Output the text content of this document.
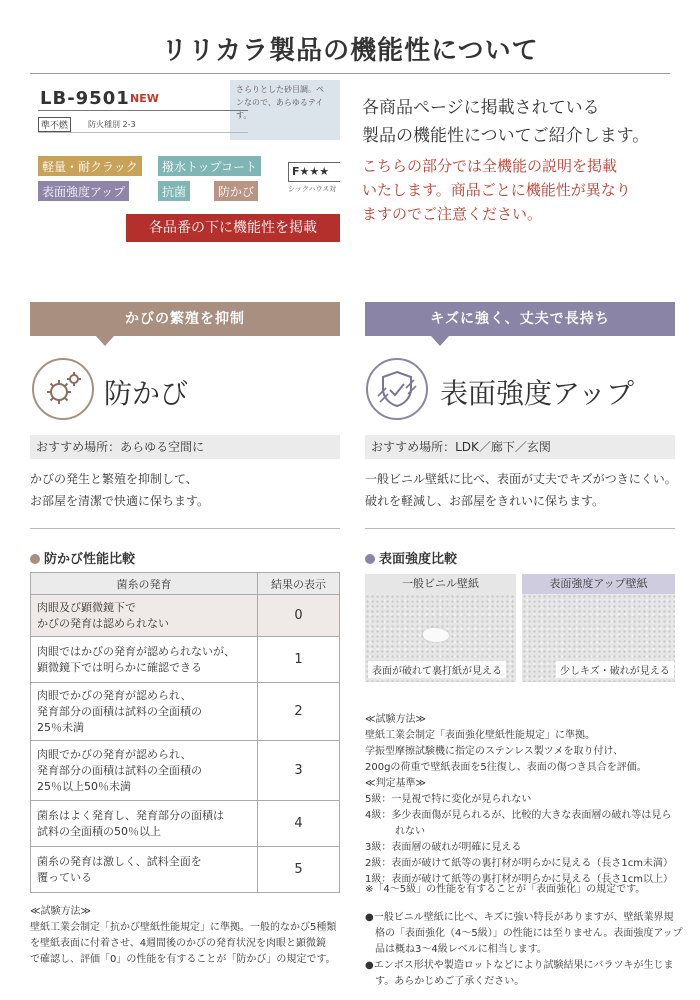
リリカラ製品の機能性について
さらりとした砂目調。ペ
ンなので、あらゆるテイ
す。
LB-9501 NEW
準不燃	防火種別 2-3
軽量・耐クラック	撥水トップコート
表面強度アップ	抗菌	防かび
F★★★
シックハウス対
各品番の下に機能性を掲載
各商品ページに掲載されている
製品の機能性についてご紹介します。
こちらの部分では全機能の説明を掲載
いたします。商品ごとに機能性が異なり
ますのでご注意ください。
かびの繁殖を抑制
防かび
おすすめ場所：あらゆる空間に
かびの発生と繁殖を抑制して、
お部屋を清潔で快適に保ちます。
防かび性能比較
菌糸の発育	結果の表示
肉眼及び顕微鏡下で
かびの発育は認められない	0
肉眼ではかびの発育が認められないが、
顕微鏡下では明らかに確認できる	1
肉眼でかびの発育が認められ、
発育部分の面積は試料の全面積の
25％未満	2
肉眼でかびの発育が認められ、
発育部分の面積は試料の全面積の
25％以上50％未満	3
菌糸はよく発育し、発育部分の面積は
試料の全面積の50％以上	4
菌糸の発育は激しく、試料全面を
覆っている	5
≪試験方法≫
壁紙工業会制定「抗かび壁紙性能規定」に準拠。一般的なかび5種類
を壁紙表面に付着させ、4週間後のかびの発育状況を肉眼と顕微鏡
で確認し、評価「0」の性能を有することが「防かび」の規定です。
キズに強く、丈夫で長持ち
表面強度アップ
おすすめ場所：LDK／廊下／玄関
一般ビニル壁紙に比べ、表面が丈夫でキズがつきにくい。
破れを軽減し、お部屋をきれいに保ちます。
表面強度比較
一般ビニル壁紙	表面強度アップ壁紙
表面が破れて裏打紙が見える	少しキズ・破れが見える
≪試験方法≫
壁紙工業会制定「表面強化壁紙性能規定」に準拠。
学振型摩擦試験機に指定のステンレス製ツメを取り付け、
200gの荷重で壁紙表面を5往復し、表面の傷つき具合を評価。
≪判定基準≫
5級：一見視で特に変化が見られない
4級：多少表面傷が見られるが、比較的大きな表面層の破れ等は見ら
　　　れない
3級：表面層の破れが明確に見える
2級：表面が破けて紙等の裏打材が明らかに見える（長さ1cm未満）
1級：表面が破けて紙等の裏打材が明らかに見える（長さ1cm以上）
※「4〜5級」の性能を有することが「表面強化」の規定です。
●一般ビニル壁紙に比べ、キズに強い特長がありますが、壁紙業界規
　格の「表面強化（4〜5級）」の性能には至りません。表面強度アップ
　品は概ね3〜4級レベルに相当します。
●エンボス形状や製造ロットなどにより試験結果にバラツキが生じま
　す。あらかじめご了承ください。
